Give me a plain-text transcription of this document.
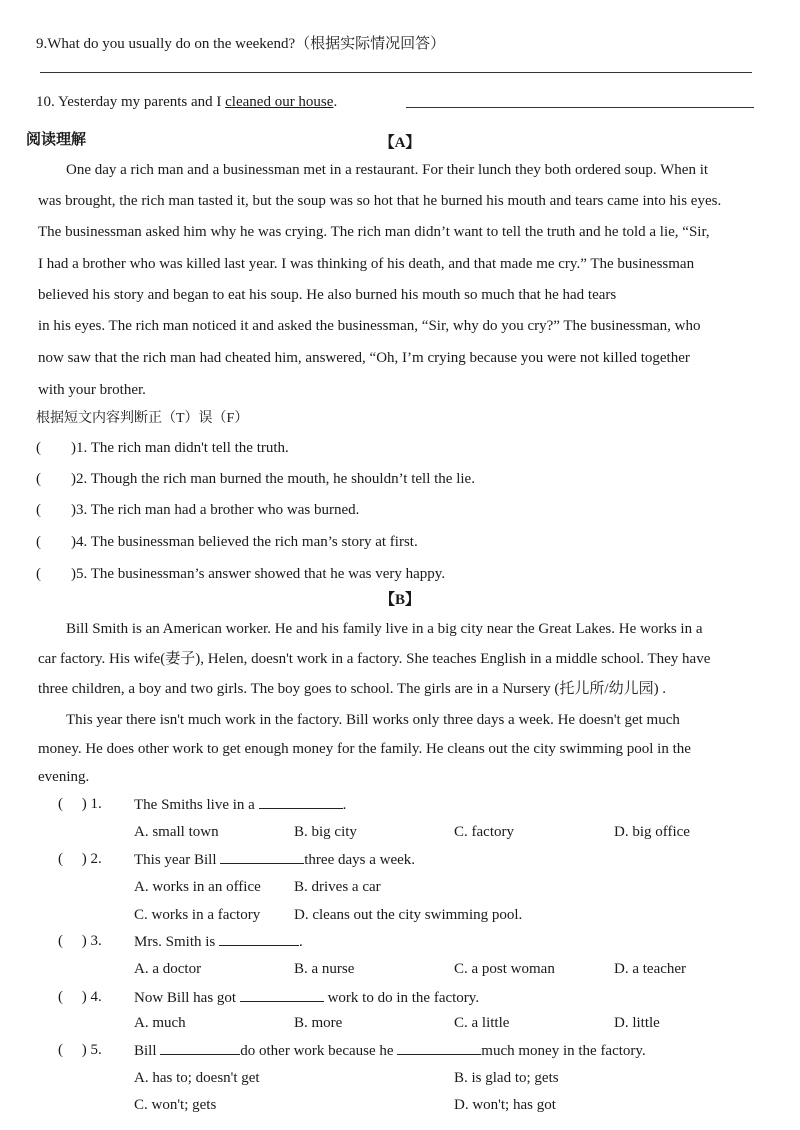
9.What do you usually do on the weekend?（根据实际情况回答）
10. Yesterday my parents and I cleaned our house.
阅读理解	【A】
One day a rich man and a businessman met in a restaurant. For their lunch they both ordered soup. When it
was brought, the rich man tasted it, but the soup was so hot that he burned his mouth and tears came into his eyes.
The businessman asked him why he was crying. The rich man didn’t want to tell the truth and he told a lie, “Sir,
I had a brother who was killed last year. I was thinking of his death, and that made me cry.” The businessman
believed his story and began to eat his soup. He also burned his mouth so much that he had tears
in his eyes. The rich man noticed it and asked the businessman, “Sir, why do you cry?” The businessman, who
now saw that the rich man had cheated him, answered, “Oh, I’m crying because you were not killed together
with your brother.
根据短文内容判断正（T）误（F）
(　　)1. The rich man didn't tell the truth.
(　　)2. Though the rich man burned the mouth, he shouldn’t tell the lie.
(　　)3. The rich man had a brother who was burned.
(　　)4. The businessman believed the rich man’s story at first.
(　　)5. The businessman’s answer showed that he was very happy.
【B】
Bill Smith is an American worker. He and his family live in a big city near the Great Lakes. He works in a
car factory. His wife(妻子), Helen, doesn't work in a factory. She teaches English in a middle school. They have
three children, a boy and two girls. The boy goes to school. The girls are in a Nursery (托儿所/幼儿园) .
This year there isn't much work in the factory. Bill works only three days a week. He doesn't get much
money. He does other work to get enough money for the family. He cleans out the city swimming pool in the
evening.
(　 ) 1. The Smiths live in a	.
A. small town	B. big city	C. factory	D. big office
(　 ) 2. This year Bill	three days a week.
A. works in an office B. drives a car
C. works in a factory D. cleans out the city swimming pool.
(　 ) 3. Mrs. Smith is	.
A. a doctor	B. a nurse	C. a post woman	D. a teacher
(　 ) 4. Now Bill has got	work to do in the factory.
A. much	B. more	C. a little	D. little
(　 ) 5. Bill	do other work because he	much money in the factory.
A. has to; doesn't get	B. is glad to; gets
C. won't; gets	D. won't; has got
